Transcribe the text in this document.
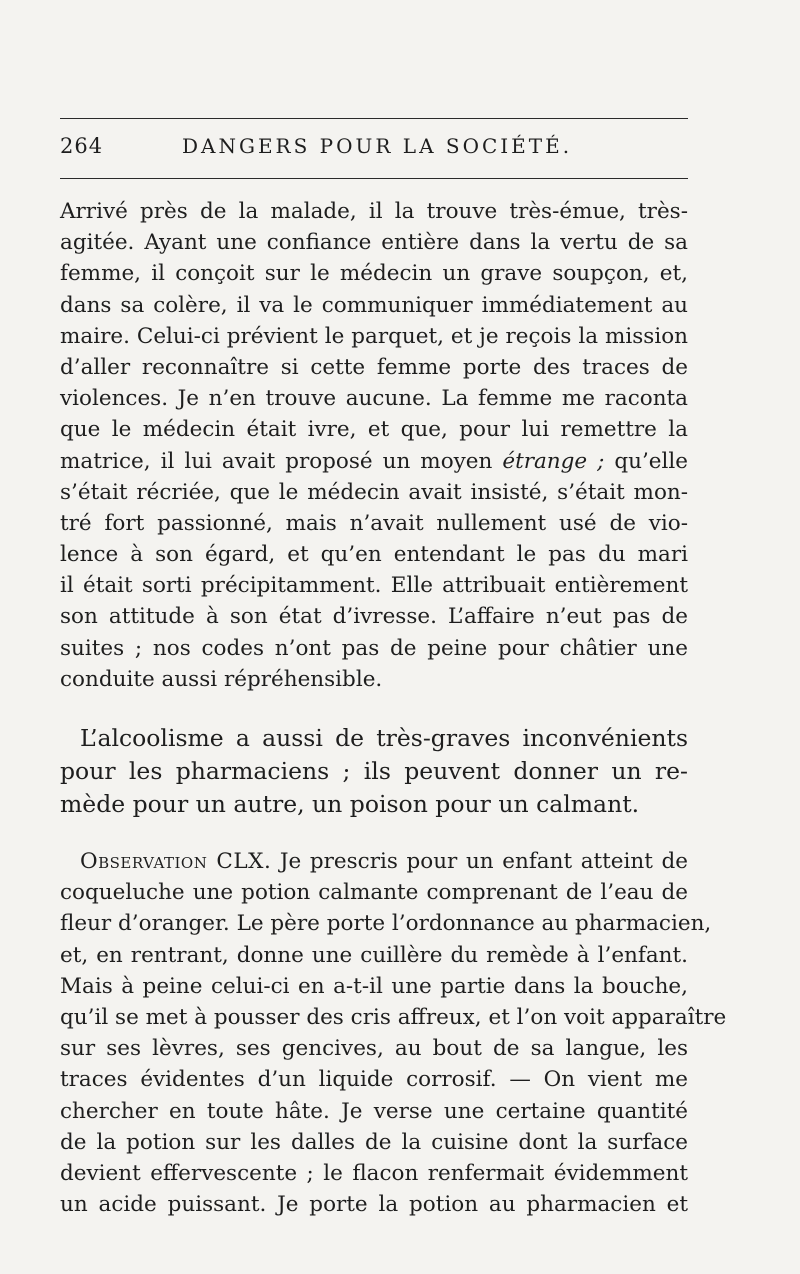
264	DANGERS POUR LA SOCIÉTÉ.
Arrivé près de la malade, il la trouve très-émue, très-
agitée. Ayant une confiance entière dans la vertu de sa
femme, il conçoit sur le médecin un grave soupçon, et,
dans sa colère, il va le communiquer immédiatement au
maire. Celui-ci prévient le parquet, et je reçois la mission
d’aller reconnaître si cette femme porte des traces de
violences. Je n’en trouve aucune. La femme me raconta
que le médecin était ivre, et que, pour lui remettre la
matrice, il lui avait proposé un moyen étrange ; qu’elle
s’était récriée, que le médecin avait insisté, s’était mon-
tré fort passionné, mais n’avait nullement usé de vio-
lence à son égard, et qu’en entendant le pas du mari
il était sorti précipitamment. Elle attribuait entièrement
son attitude à son état d’ivresse. L’affaire n’eut pas de
suites ; nos codes n’ont pas de peine pour châtier une
conduite aussi répréhensible.
L’alcoolisme a aussi de très-graves inconvénients
pour les pharmaciens ; ils peuvent donner un re-
mède pour un autre, un poison pour un calmant.
Observation CLX. Je prescris pour un enfant atteint de
coqueluche une potion calmante comprenant de l’eau de
fleur d’oranger. Le père porte l’ordonnance au pharmacien,
et, en rentrant, donne une cuillère du remède à l’enfant.
Mais à peine celui-ci en a-t-il une partie dans la bouche,
qu’il se met à pousser des cris affreux, et l’on voit apparaître
sur ses lèvres, ses gencives, au bout de sa langue, les
traces évidentes d’un liquide corrosif. — On vient me
chercher en toute hâte. Je verse une certaine quantité
de la potion sur les dalles de la cuisine dont la surface
devient effervescente ; le flacon renfermait évidemment
un acide puissant. Je porte la potion au pharmacien et
